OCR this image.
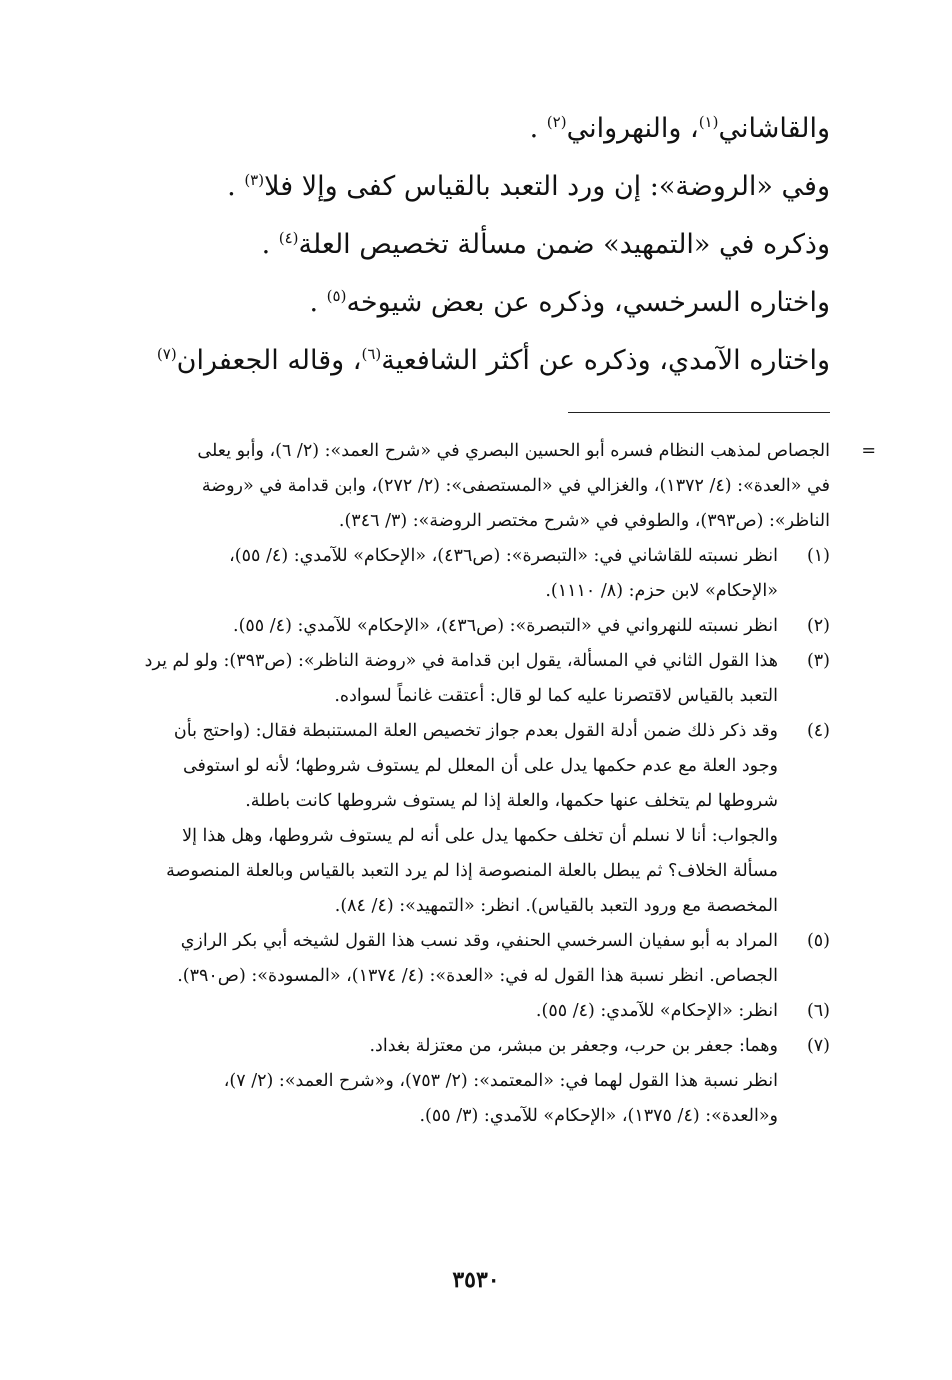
والقاشاني$^{(١)}$، والنهرواني$^{(٢)}$ .

وفي «الروضة»: إن ورد التعبد بالقياس كفى وإلا فلا$^{(٣)}$ .

وذكره في «التمهيد» ضمن مسألة تخصيص العلة$^{(٤)}$ .

واختاره السرخسي، وذكره عن بعض شيوخه$^{(٥)}$ .

واختاره الآمدي، وذكره عن أكثر الشافعية$^{(٦)}$، وقاله الجعفران$^{(٧)}$

=
الجصاص لمذهب النظام فسره أبو الحسين البصري في «شرح العمد»: (٢/ ٦)، وأبو يعلى
في «العدة»: (٤/ ١٣٧٢)، والغزالي في «المستصفى»: (٢/ ٢٧٢)، وابن قدامة في «روضة
الناظر»: (ص٣٩٣)، والطوفي في «شرح مختصر الروضة»: (٣/ ٣٤٦).
(١)
انظر نسبته للقاشاني في: «التبصرة»: (ص٤٣٦)، «الإحكام» للآمدي: (٤/ ٥٥)،
«الإحكام» لابن حزم: (٨/ ١١١٠).
(٢)
انظر نسبته للنهرواني في «التبصرة»: (ص٤٣٦)، «الإحكام» للآمدي: (٤/ ٥٥).
(٣)
هذا القول الثاني في المسألة، يقول ابن قدامة في «روضة الناظر»: (ص٣٩٣): ولو لم يرد
التعبد بالقياس لاقتصرنا عليه كما لو قال: أعتقت غانماً لسواده.
(٤)
وقد ذكر ذلك ضمن أدلة القول بعدم جواز تخصيص العلة المستنبطة فقال: (واحتج بأن
وجود العلة مع عدم حكمها يدل على أن المعلل لم يستوف شروطها؛ لأنه لو استوفى
شروطها لم يتخلف عنها حكمها، والعلة إذا لم يستوف شروطها كانت باطلة.
والجواب: أنا لا نسلم أن تخلف حكمها يدل على أنه لم يستوف شروطها، وهل هذا إلا
مسألة الخلاف؟ ثم يبطل بالعلة المنصوصة إذا لم يرد التعبد بالقياس وبالعلة المنصوصة
المخصصة مع ورود التعبد بالقياس). انظر: «التمهيد»: (٤/ ٨٤).
(٥)
المراد به أبو سفيان السرخسي الحنفي، وقد نسب هذا القول لشيخه أبي بكر الرازي
الجصاص. انظر نسبة هذا القول له في: «العدة»: (٤/ ١٣٧٤)، «المسودة»: (ص٣٩٠).
(٦)
انظر: «الإحكام» للآمدي: (٤/ ٥٥).
(٧)
وهما: جعفر بن حرب، وجعفر بن مبشر، من معتزلة بغداد.
انظر نسبة هذا القول لهما في: «المعتمد»: (٢/ ٧٥٣)، و«شرح العمد»: (٢/ ٧)،
و«العدة»: (٤/ ١٣٧٥)، «الإحكام» للآمدي: (٣/ ٥٥).
٣٥٣٠
